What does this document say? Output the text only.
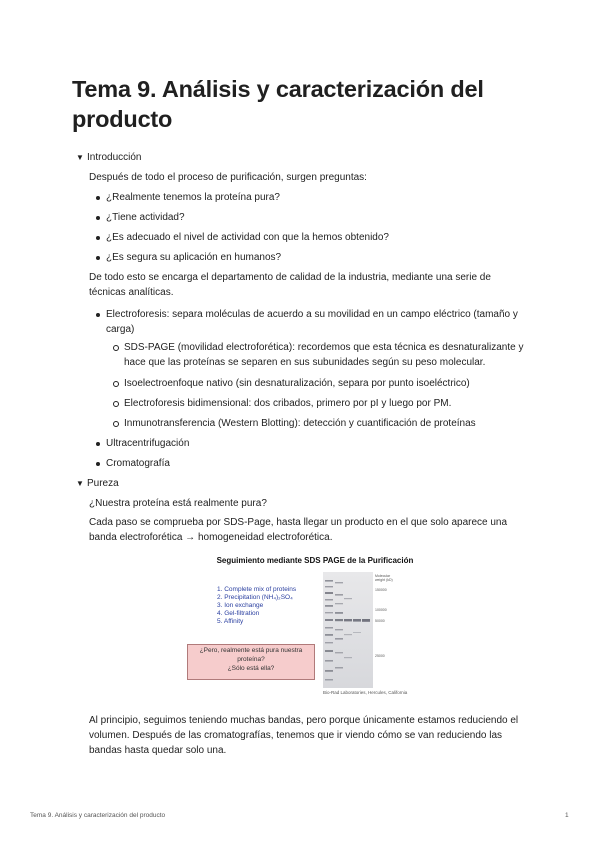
Tema 9. Análisis y caracterización del producto
▼ Introducción
Después de todo el proceso de purificación, surgen preguntas:
¿Realmente tenemos la proteína pura?
¿Tiene actividad?
¿Es adecuado el nivel de actividad con que la hemos obtenido?
¿Es segura su aplicación en humanos?
De todo esto se encarga el departamento de calidad de la industria, mediante una serie de técnicas analíticas.
Electroforesis: separa moléculas de acuerdo a su movilidad en un campo eléctrico (tamaño y carga)
SDS-PAGE (movilidad electroforética): recordemos que esta técnica es desnaturalizante y hace que las proteínas se separen en sus subunidades según su peso molecular.
Isoelectroenfoque nativo (sin desnaturalización, separa por punto isoeléctrico)
Electroforesis bidimensional: dos cribados, primero por pI y luego por PM.
Inmunotransferencia (Western Blotting): detección y cuantificación de proteínas
Ultracentrifugación
Cromatografía
▼ Pureza
¿Nuestra proteína está realmente pura?
Cada paso se comprueba por SDS-Page, hasta llegar un producto en el que solo aparece una banda electroforética → homogeneidad electroforética.
Seguimiento mediante SDS PAGE de la Purificación
1. Complete mix of proteins
2. Precipitation (NH₄)₂SO₄
3. Ion exchange
4. Gel-filtration
5. Affinity
¿Pero, realmente está pura nuestra proteína?
¿Sólo está ella?
Molecular weight (kD)
150000
100000
50000
25000
Bio-Rad Laboratories, Hercules, California
Al principio, seguimos teniendo muchas bandas, pero porque únicamente estamos reduciendo el volumen. Después de las cromatografías, tenemos que ir viendo cómo se van reduciendo las bandas hasta quedar solo una.
Tema 9. Análisis y caracterización del producto	1
